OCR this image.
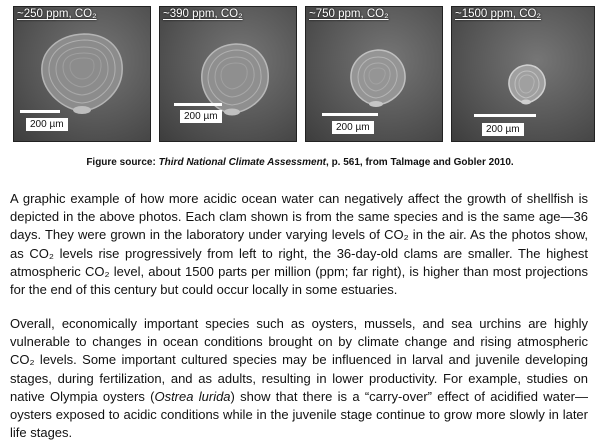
~250 ppm, CO₂
200 µm
~390 ppm, CO₂
200 µm
~750 ppm, CO₂
200 µm
~1500 ppm, CO₂
200 µm
Figure source: Third National Climate Assessment, p. 561, from Talmage and Gobler 2010.

A graphic example of how more acidic ocean water can negatively affect the growth of shellfish is depicted in the above photos. Each clam shown is from the same species and is the same age—36 days. They were grown in the laboratory under varying levels of CO₂ in the air. As the photos show, as CO₂ levels rise progressively from left to right, the 36-day-old clams are smaller. The highest atmospheric CO₂ level, about 1500 parts per million (ppm; far right), is higher than most projections for the end of this century but could occur locally in some estuaries.

Overall, economically important species such as oysters, mussels, and sea urchins are highly vulnerable to changes in ocean conditions brought on by climate change and rising atmospheric CO₂ levels. Some important cultured species may be influenced in larval and juvenile developing stages, during fertilization, and as adults, resulting in lower productivity. For example, studies on native Olympia oysters (Ostrea lurida) show that there is a “carry-over” effect of acidified water—oysters exposed to acidic conditions while in the juvenile stage continue to grow more slowly in later life stages.
